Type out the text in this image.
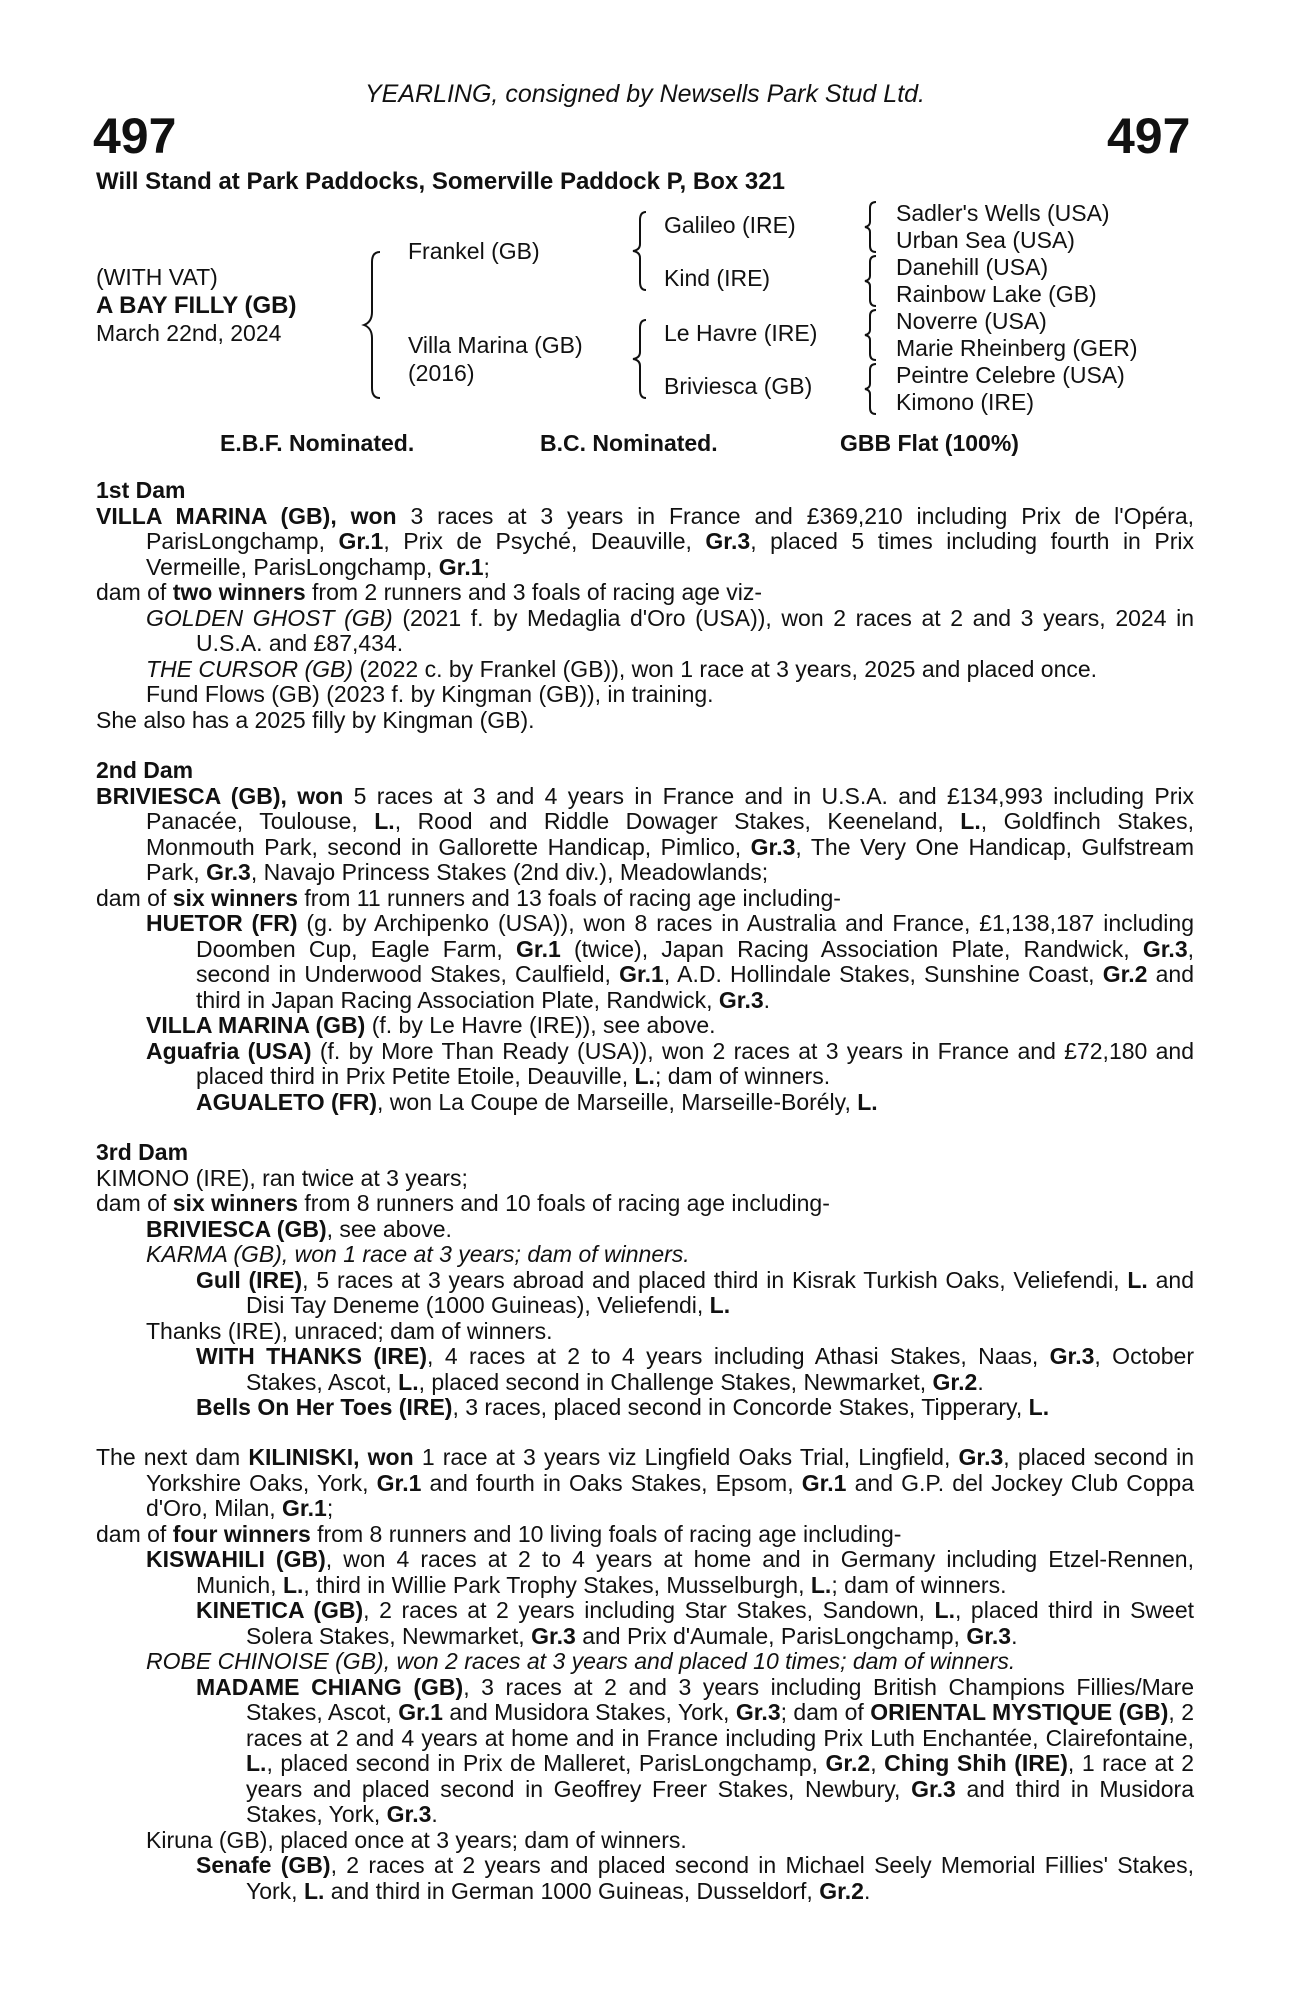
YEARLING, consigned by Newsells Park Stud Ltd.
497	497
Will Stand at Park Paddocks, Somerville Paddock P, Box 321
(WITH VAT)
A BAY FILLY (GB)
March 22nd, 2024
Frankel (GB)
Villa Marina (GB)
(2016)
Galileo (IRE)
Kind (IRE)
Le Havre (IRE)
Briviesca (GB)
Sadler's Wells (USA)
Urban Sea (USA)
Danehill (USA)
Rainbow Lake (GB)
Noverre (USA)
Marie Rheinberg (GER)
Peintre Celebre (USA)
Kimono (IRE)
E.B.F. Nominated.	B.C. Nominated.	GBB Flat (100%)

1st Dam

VILLA MARINA (GB), won 3 races at 3 years in France and £369,210 including Prix de l'Opéra, ParisLongchamp, Gr.1, Prix de Psyché, Deauville, Gr.3, placed 5 times including fourth in Prix Vermeille, ParisLongchamp, Gr.1;

dam of two winners from 2 runners and 3 foals of racing age viz-

GOLDEN GHOST (GB) (2021 f. by Medaglia d'Oro (USA)), won 2 races at 2 and 3 years, 2024 in U.S.A. and £87,434.

THE CURSOR (GB) (2022 c. by Frankel (GB)), won 1 race at 3 years, 2025 and placed once.

Fund Flows (GB) (2023 f. by Kingman (GB)), in training.

She also has a 2025 filly by Kingman (GB).

2nd Dam

BRIVIESCA (GB), won 5 races at 3 and 4 years in France and in U.S.A. and £134,993 including Prix Panacée, Toulouse, L., Rood and Riddle Dowager Stakes, Keeneland, L., Goldfinch Stakes, Monmouth Park, second in Gallorette Handicap, Pimlico, Gr.3, The Very One Handicap, Gulfstream Park, Gr.3, Navajo Princess Stakes (2nd div.), Meadowlands;

dam of six winners from 11 runners and 13 foals of racing age including-

HUETOR (FR) (g. by Archipenko (USA)), won 8 races in Australia and France, £1,138,187 including Doomben Cup, Eagle Farm, Gr.1 (twice), Japan Racing Association Plate, Randwick, Gr.3, second in Underwood Stakes, Caulfield, Gr.1, A.D. Hollindale Stakes, Sunshine Coast, Gr.2 and third in Japan Racing Association Plate, Randwick, Gr.3.

VILLA MARINA (GB) (f. by Le Havre (IRE)), see above.

Aguafria (USA) (f. by More Than Ready (USA)), won 2 races at 3 years in France and £72,180 and placed third in Prix Petite Etoile, Deauville, L.; dam of winners.

AGUALETO (FR), won La Coupe de Marseille, Marseille-Borély, L.

3rd Dam

KIMONO (IRE), ran twice at 3 years;

dam of six winners from 8 runners and 10 foals of racing age including-

BRIVIESCA (GB), see above.

KARMA (GB), won 1 race at 3 years; dam of winners.

Gull (IRE), 5 races at 3 years abroad and placed third in Kisrak Turkish Oaks, Veliefendi, L. and Disi Tay Deneme (1000 Guineas), Veliefendi, L.

Thanks (IRE), unraced; dam of winners.

WITH THANKS (IRE), 4 races at 2 to 4 years including Athasi Stakes, Naas, Gr.3, October Stakes, Ascot, L., placed second in Challenge Stakes, Newmarket, Gr.2.

Bells On Her Toes (IRE), 3 races, placed second in Concorde Stakes, Tipperary, L.

The next dam KILINISKI, won 1 race at 3 years viz Lingfield Oaks Trial, Lingfield, Gr.3, placed second in Yorkshire Oaks, York, Gr.1 and fourth in Oaks Stakes, Epsom, Gr.1 and G.P. del Jockey Club Coppa d'Oro, Milan, Gr.1;

dam of four winners from 8 runners and 10 living foals of racing age including-

KISWAHILI (GB), won 4 races at 2 to 4 years at home and in Germany including Etzel-Rennen, Munich, L., third in Willie Park Trophy Stakes, Musselburgh, L.; dam of winners.

KINETICA (GB), 2 races at 2 years including Star Stakes, Sandown, L., placed third in Sweet Solera Stakes, Newmarket, Gr.3 and Prix d'Aumale, ParisLongchamp, Gr.3.

ROBE CHINOISE (GB), won 2 races at 3 years and placed 10 times; dam of winners.

MADAME CHIANG (GB), 3 races at 2 and 3 years including British Champions Fillies/Mare Stakes, Ascot, Gr.1 and Musidora Stakes, York, Gr.3; dam of ORIENTAL MYSTIQUE (GB), 2 races at 2 and 4 years at home and in France including Prix Luth Enchantée, Clairefontaine, L., placed second in Prix de Malleret, ParisLongchamp, Gr.2, Ching Shih (IRE), 1 race at 2 years and placed second in Geoffrey Freer Stakes, Newbury, Gr.3 and third in Musidora Stakes, York, Gr.3.

Kiruna (GB), placed once at 3 years; dam of winners.

Senafe (GB), 2 races at 2 years and placed second in Michael Seely Memorial Fillies' Stakes, York, L. and third in German 1000 Guineas, Dusseldorf, Gr.2.
